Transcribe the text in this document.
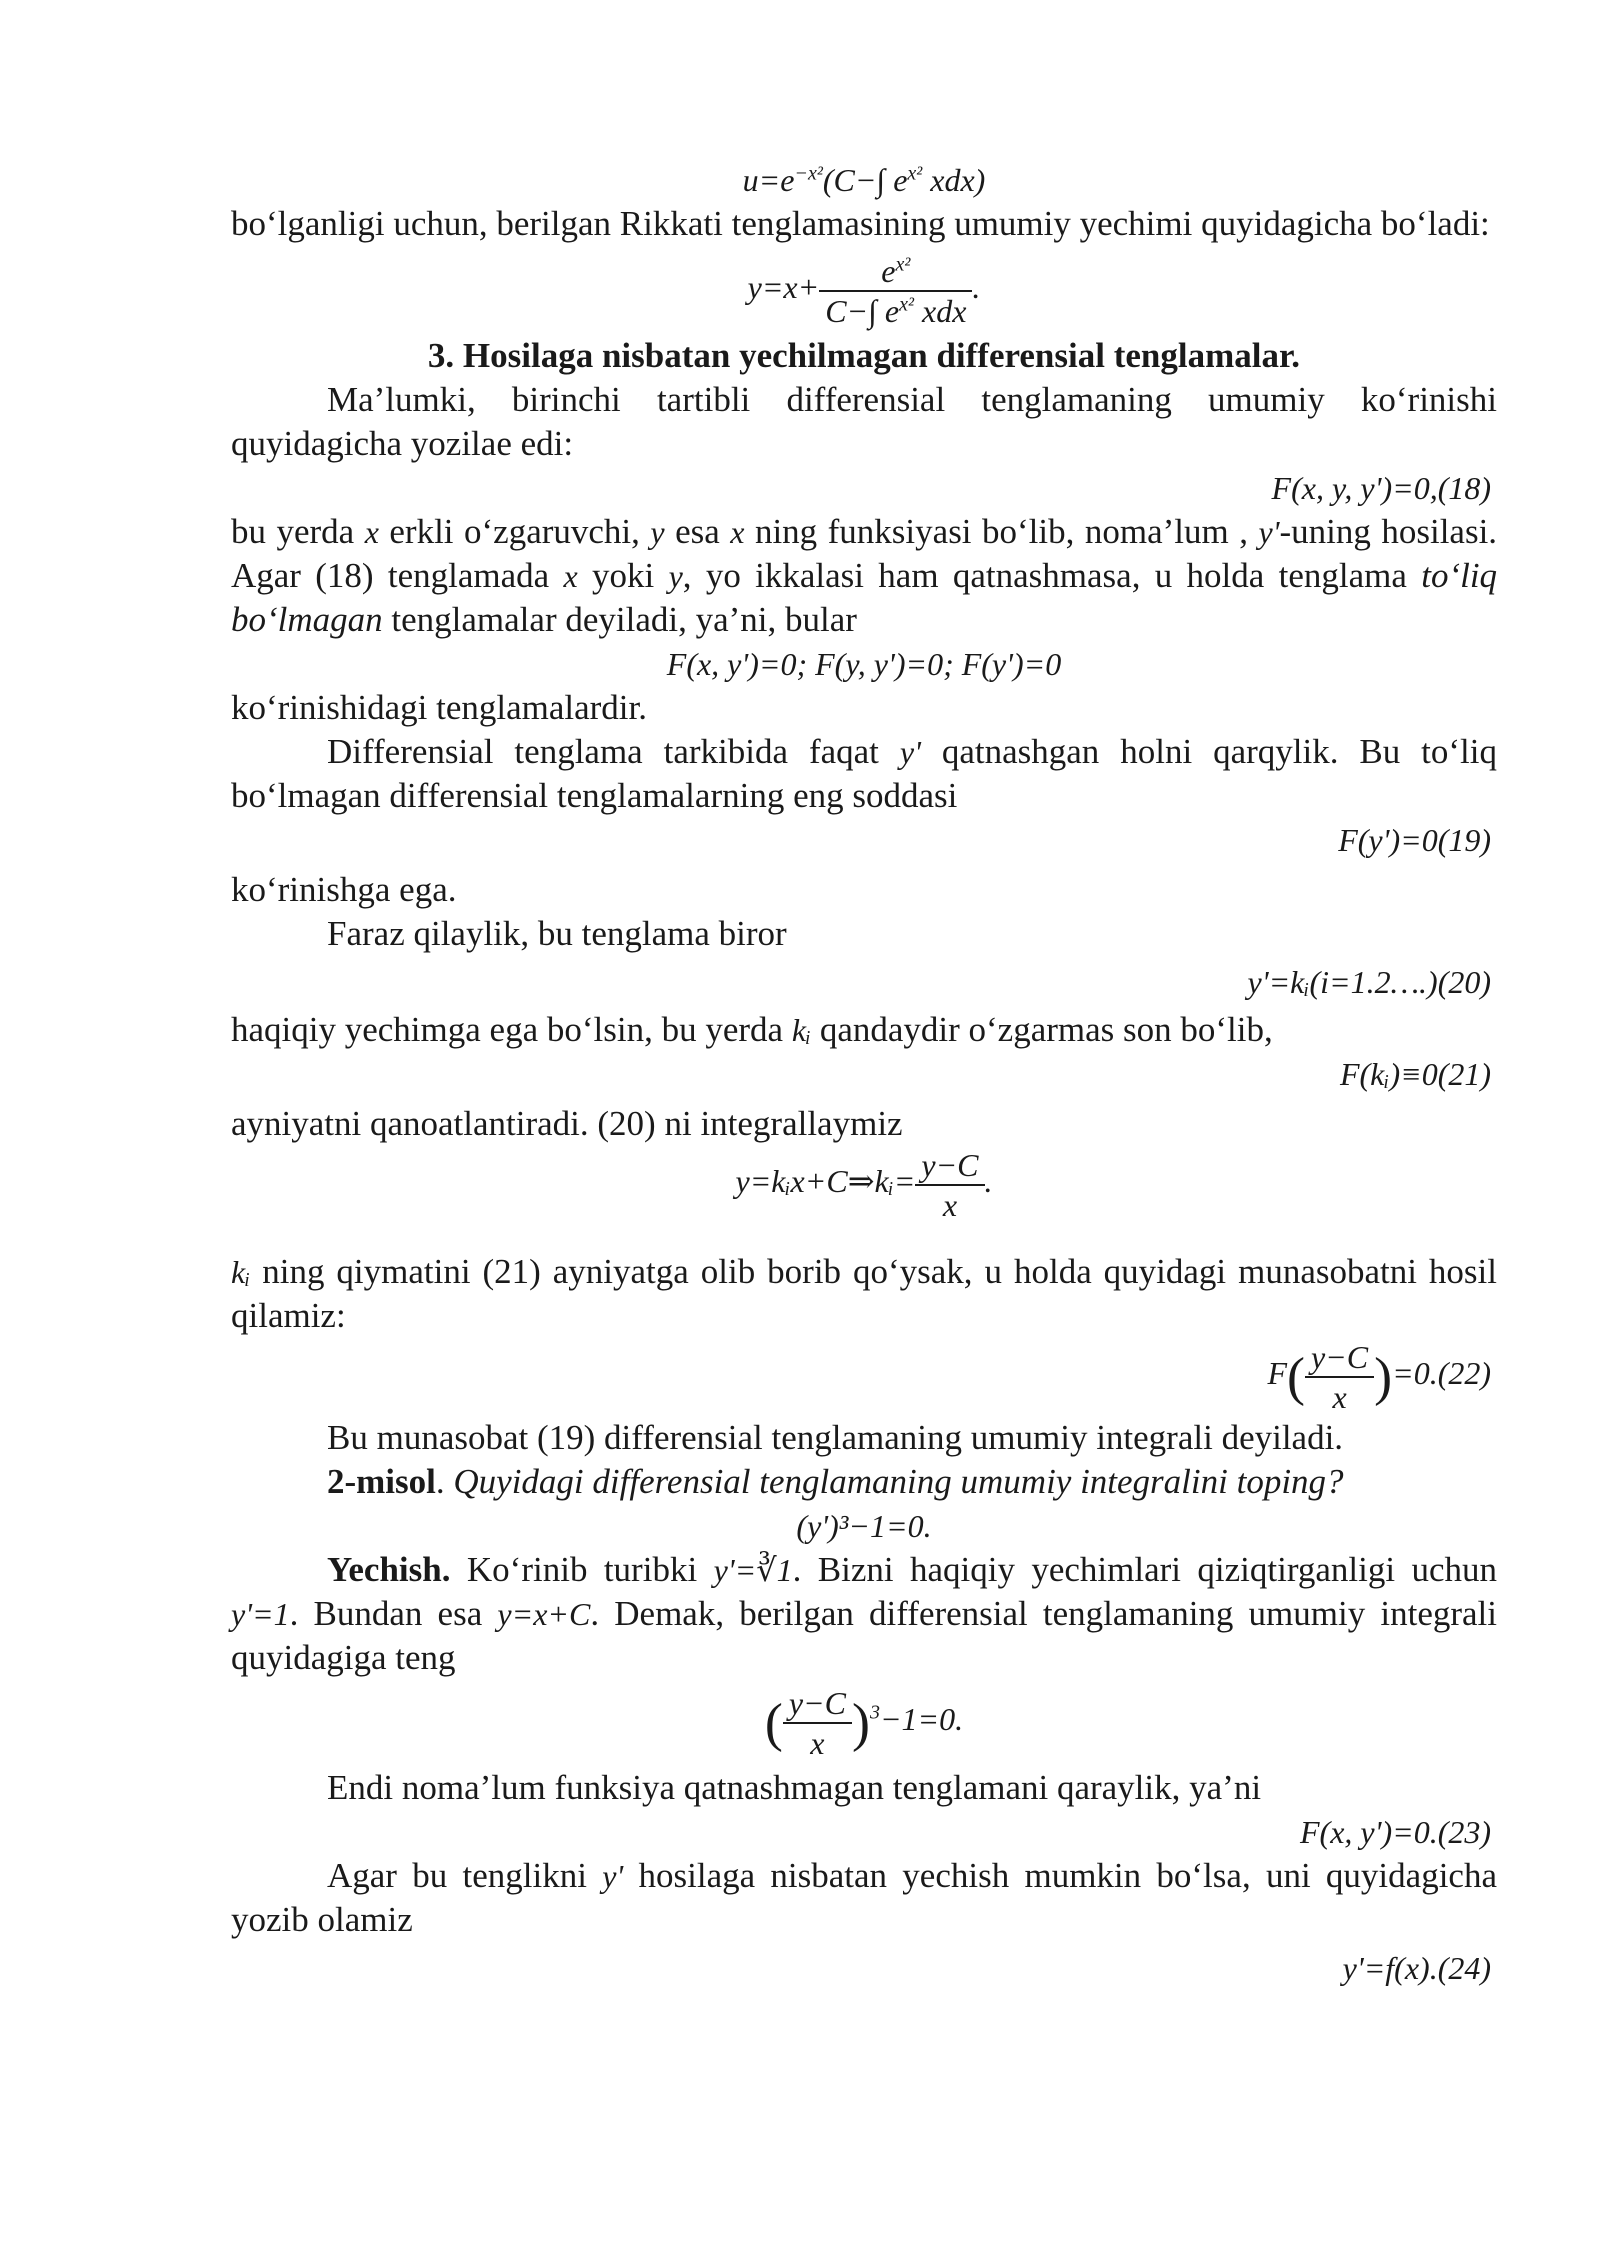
$u=e^{-x^2}(C-\int$ $e^{x^2}$ xdx)

bo‘lganligi uchun, berilgan Rikkati tenglamasining umumiy yechimi quyidagicha bo‘ladi:

$y=x+ \frac{e^{x^2}}{C-\int e^{x^2} xdx}$ .

3. Hosilaga nisbatan yechilmagan differensial tenglamalar.

Ma’lumki, birinchi tartibli differensial tenglamaning umumiy ko‘rinishi quyidagicha yozilae edi:

F(x, y, y')=0,(18)

bu yerda x erkli o‘zgaruvchi, y esa x ning funksiyasi bo‘lib, noma’lum , y'-uning hosilasi. Agar (18) tenglamada x yoki y, yo ikkalasi ham qatnashmasa, u holda tenglama to‘liq bo‘lmagan tenglamalar deyiladi, ya’ni, bular

F(x, y')=0; F(y, y')=0; F(y')=0

ko‘rinishidagi tenglamalardir.

Differensial tenglama tarkibida faqat y' qatnashgan holni qarqylik. Bu to‘liq bo‘lmagan differensial tenglamalarning eng soddasi

F(y')=0(19)

ko‘rinishga ega.

Faraz qilaylik, bu tenglama biror

y'=kᵢ(i=1.2….)(20)

haqiqiy yechimga ega bo‘lsin, bu yerda kᵢ qandaydir o‘zgarmas son bo‘lib,

F(kᵢ)≡0(21)

ayniyatni qanoatlantiradi. (20) ni integrallaymiz

y=kᵢx+C⇒kᵢ= $\frac{y-C}{x}$ .

kᵢ ning qiymatini (21) ayniyatga olib borib qo‘ysak, u holda quyidagi munasobatni hosil qilamiz:

$F( \frac{y-C}{x} )=0.(22)$

Bu munasobat (19) differensial tenglamaning umumiy integrali deyiladi.

2-misol. Quyidagi differensial tenglamaning umumiy integralini toping?

(y')³−1=0.

Yechish. Ko‘rinib turibki y'=∛1. Bizni haqiqiy yechimlari qiziqtirganligi uchun y'=1. Bundan esa y=x+C. Demak, berilgan differensial tenglamaning umumiy integrali quyidagiga teng

( $\frac{y-C}{x} )^3-1=0$.

Endi noma’lum funksiya qatnashmagan tenglamani qaraylik, ya’ni

F(x, y')=0.(23)

Agar bu tenglikni y' hosilaga nisbatan yechish mumkin bo‘lsa, uni quyidagicha yozib olamiz

y'=f(x).(24)
